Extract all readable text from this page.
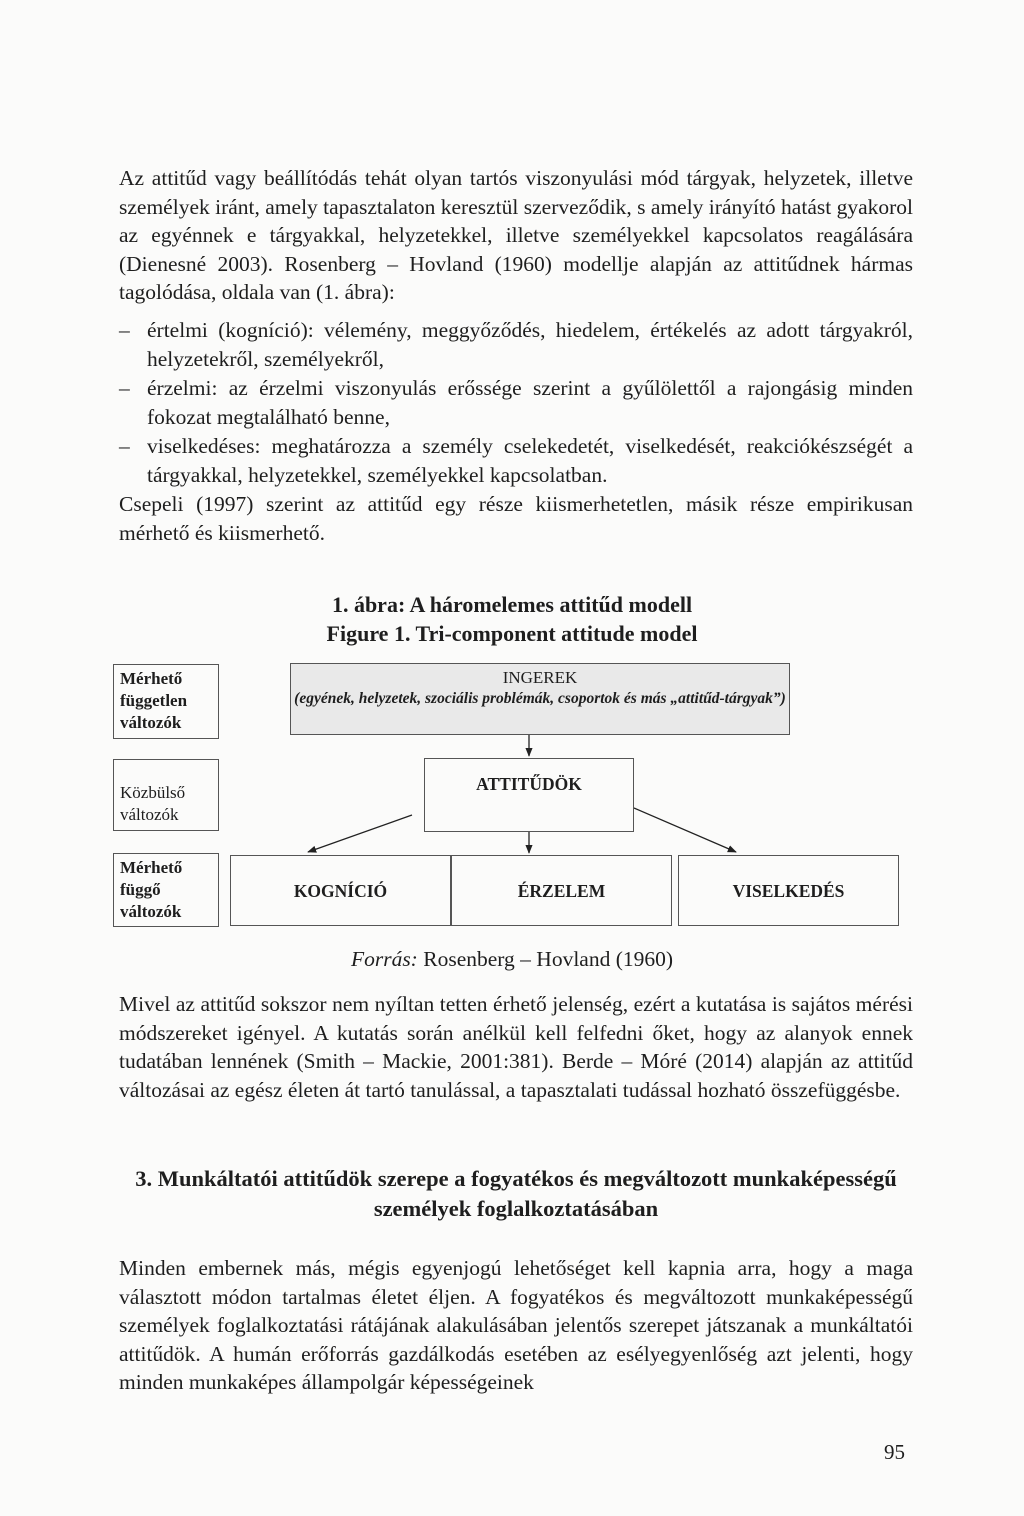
Az attitűd vagy beállítódás tehát olyan tartós viszonyulási mód tárgyak, helyzetek, illetve személyek iránt, amely tapasztalaton keresztül szerveződik, s amely irányító hatást gyakorol az egyénnek e tárgyakkal, helyzetekkel, illetve személyekkel kapcsolatos reagálására (Dienesné 2003). Rosenberg – Hovland (1960) modellje alapján az attitűdnek hármas tagolódása, oldala van (1. ábra):

– értelmi (kogníció): vélemény, meggyőződés, hiedelem, értékelés az adott tárgyakról, helyzetekről, személyekről,
– érzelmi: az érzelmi viszonyulás erőssége szerint a gyűlölettől a rajongásig minden fokozat megtalálható benne,
– viselkedéses: meghatározza a személy cselekedetét, viselkedését, reakciókészségét a tárgyakkal, helyzetekkel, személyekkel kapcsolatban.

Csepeli (1997) szerint az attitűd egy része kiismerhetetlen, másik része empirikusan mérhető és kiismerhető.

1. ábra: A háromelemes attitűd modell
Figure 1. Tri-component attitude model
Mérhető független változók
Közbülső változók
Mérhető függő változók
INGEREK
(egyének, helyzetek, szociális problémák, csoportok és más „attitűd-tárgyak”)
ATTITŰDÖK
KOGNÍCIÓ	ÉRZELEM	VISELKEDÉS
Forrás: Rosenberg – Hovland (1960)

Mivel az attitűd sokszor nem nyíltan tetten érhető jelenség, ezért a kutatása is sajátos mérési módszereket igényel. A kutatás során anélkül kell felfedni őket, hogy az alanyok ennek tudatában lennének (Smith – Mackie, 2001:381). Berde – Móré (2014) alapján az attitűd változásai az egész életen át tartó tanulással, a tapasztalati tudással hozható összefüggésbe.

3. Munkáltatói attitűdök szerepe a fogyatékos és megváltozott munkaképességű személyek foglalkoztatásában

Minden embernek más, mégis egyenjogú lehetőséget kell kapnia arra, hogy a maga választott módon tartalmas életet éljen. A fogyatékos és megváltozott munkaképességű személyek foglalkoztatási rátájának alakulásában jelentős szerepet játszanak a munkáltatói attitűdök. A humán erőforrás gazdálkodás esetében az esélyegyenlőség azt jelenti, hogy minden munkaképes állampolgár képességeinek

95
